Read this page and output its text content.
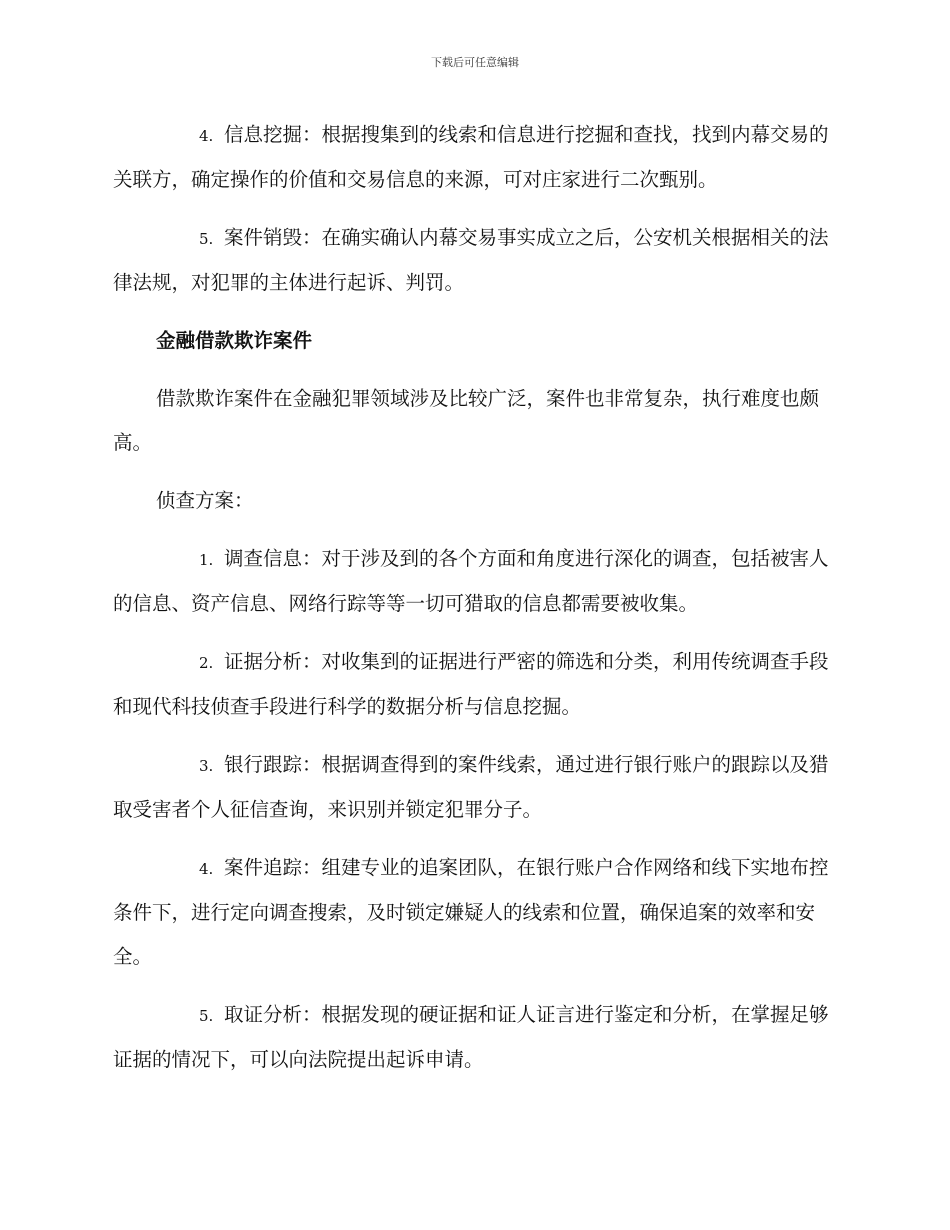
下载后可任意编辑

4. 信息挖掘：根据搜集到的线索和信息进行挖掘和查找，找到内幕交易的关联方，确定操作的价值和交易信息的来源，可对庄家进行二次甄别。

5. 案件销毁：在确实确认内幕交易事实成立之后，公安机关根据相关的法律法规，对犯罪的主体进行起诉、判罚。

金融借款欺诈案件

借款欺诈案件在金融犯罪领域涉及比较广泛，案件也非常复杂，执行难度也颇高。

侦查方案：

1. 调查信息：对于涉及到的各个方面和角度进行深化的调查，包括被害人的信息、资产信息、网络行踪等等一切可猎取的信息都需要被收集。

2. 证据分析：对收集到的证据进行严密的筛选和分类，利用传统调查手段和现代科技侦查手段进行科学的数据分析与信息挖掘。

3. 银行跟踪：根据调查得到的案件线索，通过进行银行账户的跟踪以及猎取受害者个人征信查询，来识别并锁定犯罪分子。

4. 案件追踪：组建专业的追案团队，在银行账户合作网络和线下实地布控条件下，进行定向调查搜索，及时锁定嫌疑人的线索和位置，确保追案的效率和安全。

5. 取证分析：根据发现的硬证据和证人证言进行鉴定和分析，在掌握足够证据的情况下，可以向法院提出起诉申请。
